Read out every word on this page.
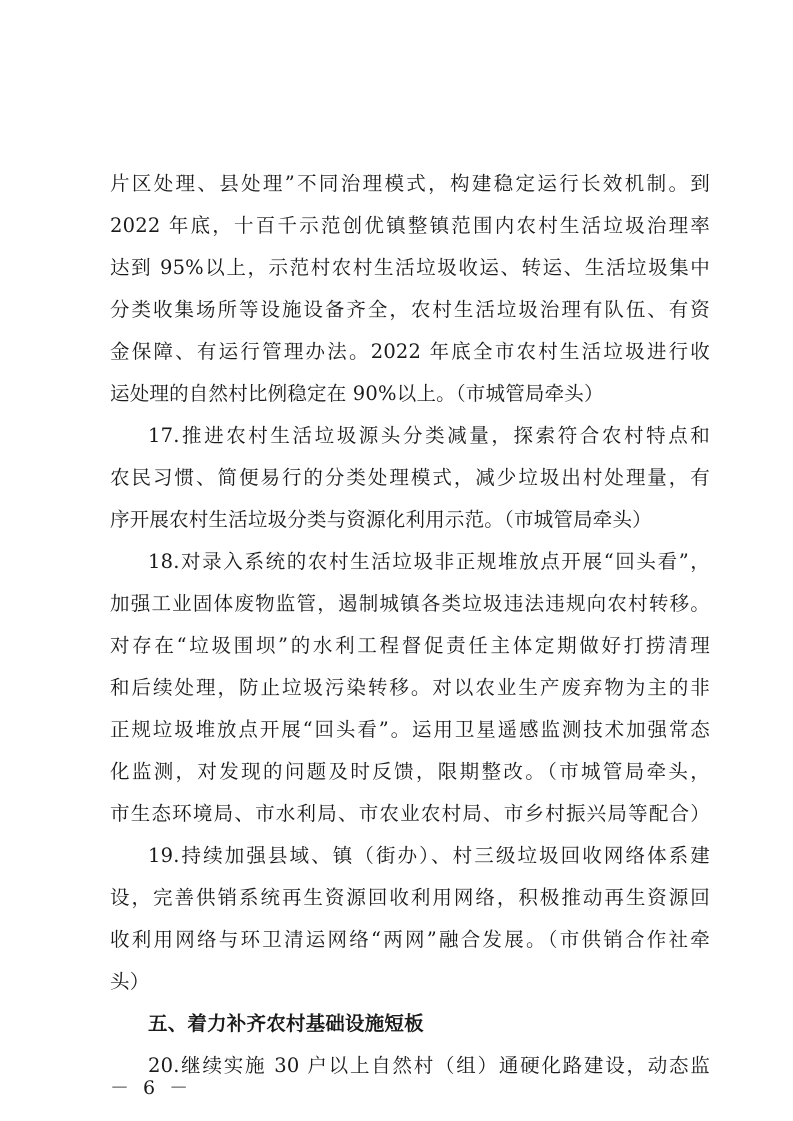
片区处理、县处理”不同治理模式，构建稳定运行长效机制。到
2022 年底，十百千示范创优镇整镇范围内农村生活垃圾治理率
达到 95%以上，示范村农村生活垃圾收运、转运、生活垃圾集中
分类收集场所等设施设备齐全，农村生活垃圾治理有队伍、有资
金保障、有运行管理办法。2022 年底全市农村生活垃圾进行收
运处理的自然村比例稳定在 90%以上。（市城管局牵头）
17.推进农村生活垃圾源头分类减量，探索符合农村特点和
农民习惯、简便易行的分类处理模式，减少垃圾出村处理量，有
序开展农村生活垃圾分类与资源化利用示范。（市城管局牵头）
18.对录入系统的农村生活垃圾非正规堆放点开展“回头看”，
加强工业固体废物监管，遏制城镇各类垃圾违法违规向农村转移。
对存在“垃圾围坝”的水利工程督促责任主体定期做好打捞清理
和后续处理，防止垃圾污染转移。对以农业生产废弃物为主的非
正规垃圾堆放点开展“回头看”。运用卫星遥感监测技术加强常态
化监测，对发现的问题及时反馈，限期整改。（市城管局牵头，
市生态环境局、市水利局、市农业农村局、市乡村振兴局等配合）
19.持续加强县域、镇（街办）、村三级垃圾回收网络体系建
设，完善供销系统再生资源回收利用网络，积极推动再生资源回
收利用网络与环卫清运网络“两网”融合发展。（市供销合作社牵
头）
五、着力补齐农村基础设施短板
20.继续实施 30 户以上自然村（组）通硬化路建设，动态监
－ 6 －
